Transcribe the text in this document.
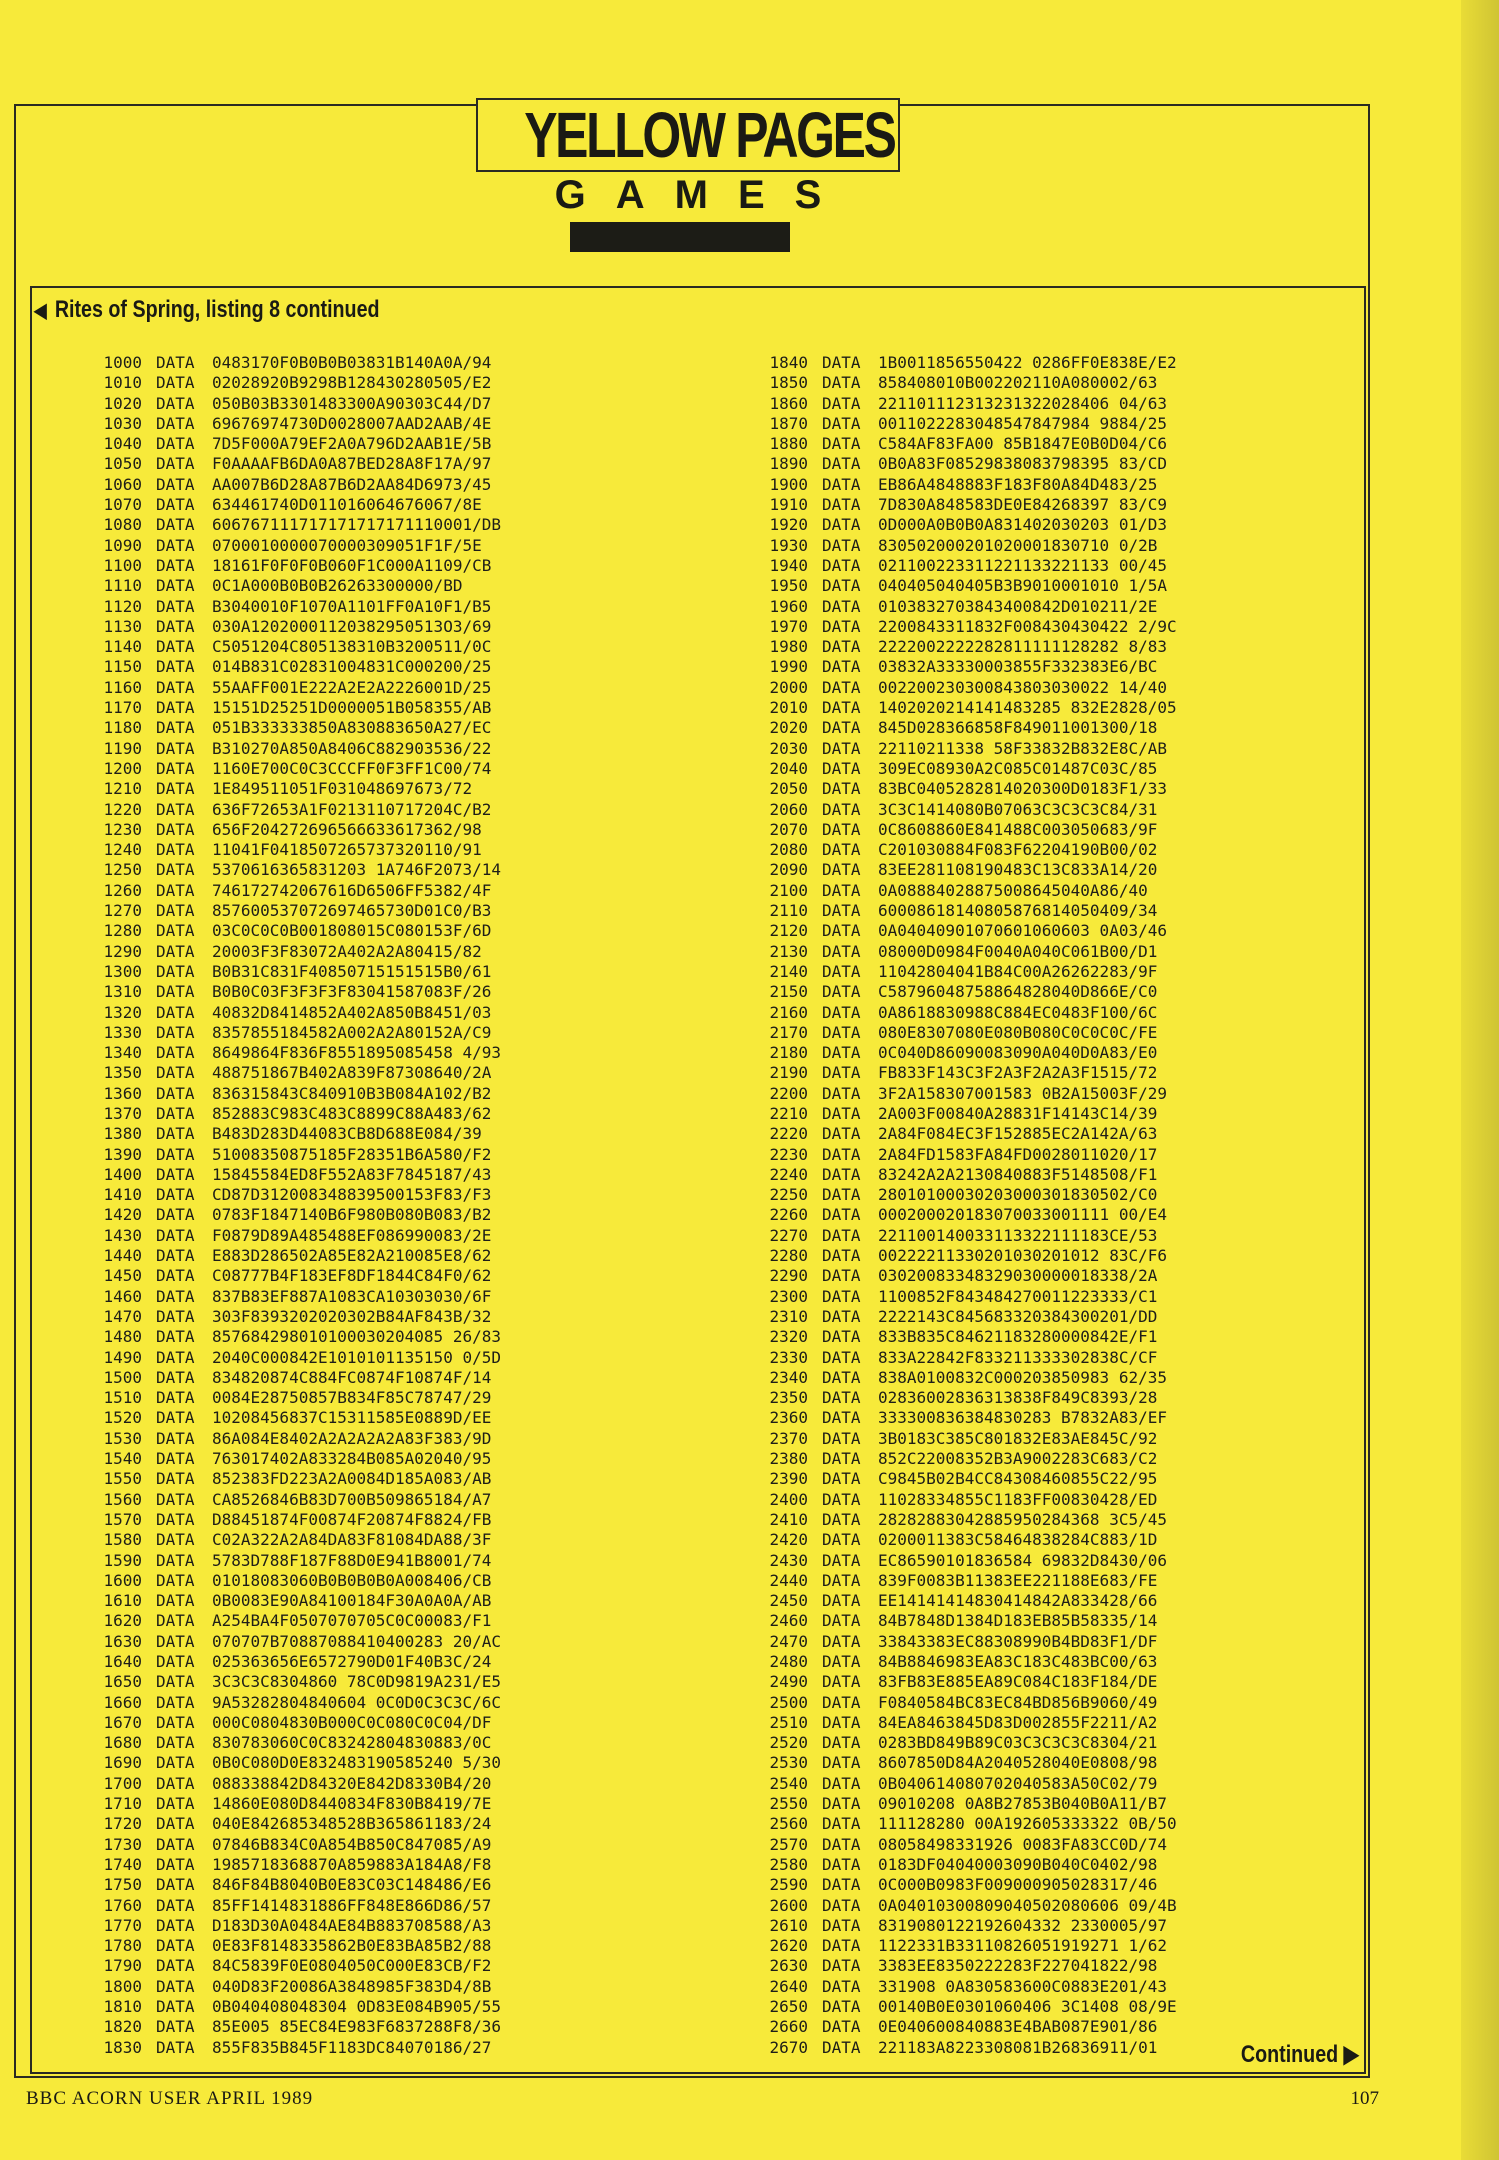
YELLOW PAGES
GAMES
◀ Rites of Spring, listing 8 continued
1000 DATA 0483170F0B0B0B03831B140A0A/94
1010 DATA 02028920B9298B128430280505/E2
1020 DATA 050B03B3301483300A90303C44/D7
1030 DATA 69676974730D0028007AAD2AAB/4E
1040 DATA 7D5F000A79EF2A0A796D2AAB1E/5B
1050 DATA F0AAAAFB6DA0A87BED28A8F17A/97
1060 DATA AA007B6D28A87B6D2AA84D6973/45
1070 DATA 634461740D011016064676067/8E
1080 DATA 606767111717171717171110001/DB
1090 DATA 0700010000070000309051F1F/5E
1100 DATA 18161F0F0F0B060F1C000A1109/CB
1110 DATA 0C1A000B0B0B26263300000/BD
1120 DATA B3040010F1070A1101FF0A10F1/B5
1130 DATA 030A12020001120382950513O3/69
1140 DATA C5051204C805138310B3200511/0C
1150 DATA 014B831C02831004831C000200/25
1160 DATA 55AAFF001E222A2E2A2226001D/25
1170 DATA 15151D25251D0000051B058355/AB
1180 DATA 051B333333850A830883650A27/EC
1190 DATA B310270A850A8406C882903536/22
1200 DATA 1160E700C0C3CCCFF0F3FF1C00/74
1210 DATA 1E849511051F031048697673/72
1220 DATA 636F72653A1F0213110717204C/B2
1230 DATA 656F204272696566633617362/98
1240 DATA 11041F0418507265737320110/91
1250 DATA 5370616365831203 1A746F2073/14
1260 DATA 746172742067616D6506FF5382/4F
1270 DATA 857600537072697465730D01C0/B3
1280 DATA 03C0C0C0B001808015C080153F/6D
1290 DATA 20003F3F83072A402A2A80415/82
1300 DATA B0B31C831F40850715151515B0/61
1310 DATA B0B0C03F3F3F3F83041587083F/26
1320 DATA 40832D8414852A402A850B8451/03
1330 DATA 8357855184582A002A2A80152A/C9
1340 DATA 8649864F836F8551895085458 4/93
1350 DATA 488751867B402A839F87308640/2A
1360 DATA 836315843C840910B3B084A102/B2
1370 DATA 852883C983C483C8899C88A483/62
1380 DATA B483D283D44083CB8D688E084/39
1390 DATA 51008350875185F28351B6A580/F2
1400 DATA 15845584ED8F552A83F7845187/43
1410 DATA CD87D312008348839500153F83/F3
1420 DATA 0783F1847140B6F980B080B083/B2
1430 DATA F0879D89A485488EF086990083/2E
1440 DATA E883D286502A85E82A210085E8/62
1450 DATA C08777B4F183EF8DF1844C84F0/62
1460 DATA 837B83EF887A1083CA10303030/6F
1470 DATA 303F8393202020302B84AF843B/32
1480 DATA 857684298010100030204085 26/83
1490 DATA 2040C000842E1010101135150 0/5D
1500 DATA 834820874C884FC0874F10874F/14
1510 DATA 0084E28750857B834F85C78747/29
1520 DATA 10208456837C15311585E0889D/EE
1530 DATA 86A084E8402A2A2A2A2A83F383/9D
1540 DATA 763017402A833284B085A02040/95
1550 DATA 852383FD223A2A0084D185A083/AB
1560 DATA CA8526846B83D700B509865184/A7
1570 DATA D88451874F00874F20874F8824/FB
1580 DATA C02A322A2A84DA83F81084DA88/3F
1590 DATA 5783D788F187F88D0E941B8001/74
1600 DATA 01018083060B0B0B0B0A008406/CB
1610 DATA 0B0083E90A84100184F30A0A0A/AB
1620 DATA A254BA4F0507070705C0C00083/F1
1630 DATA 070707B70887088410400283 20/AC
1640 DATA 025363656E6572790D01F40B3C/24
1650 DATA 3C3C3C8304860 78C0D9819A231/E5
1660 DATA 9A53282804840604 0C0D0C3C3C/6C
1670 DATA 000C0804830B000C0C080C0C04/DF
1680 DATA 830783060C0C83242804830883/0C
1690 DATA 0B0C080D0E832483190585240 5/30
1700 DATA 088338842D84320E842D8330B4/20
1710 DATA 14860E080D8440834F830B8419/7E
1720 DATA 040E842685348528B365861183/24
1730 DATA 07846B834C0A854B850C847085/A9
1740 DATA 1985718368870A859883A184A8/F8
1750 DATA 846F84B8040B0E83C03C148486/E6
1760 DATA 85FF1414831886FF848E866D86/57
1770 DATA D183D30A0484AE84B883708588/A3
1780 DATA 0E83F8148335862B0E83BA85B2/88
1790 DATA 84C5839F0E0804050C000E83CB/F2
1800 DATA 040D83F20086A3848985F383D4/8B
1810 DATA 0B040408048304 0D83E084B905/55
1820 DATA 85E005 85EC84E983F6837288F8/36
1830 DATA 855F835B845F1183DC84070186/27
1840 DATA 1B0011856550422 0286FF0E838E/E2
1850 DATA 858408010B002202110A080002/63
1860 DATA 221101112313231322028406 04/63
1870 DATA 0011022283048547847984 9884/25
1880 DATA C584AF83FA00 85B1847E0B0D04/C6
1890 DATA 0B0A83F08529838083798395 83/CD
1900 DATA EB86A4848883F183F80A84D483/25
1910 DATA 7D830A848583DE0E84268397 83/C9
1920 DATA 0D000A0B0B0A831402030203 01/D3
1930 DATA 830502000201020001830710 0/2B
1940 DATA 021100223311221133221133 00/45
1950 DATA 040405040405B3B9010001010 1/5A
1960 DATA 0103832703843400842D010211/2E
1970 DATA 2200843311832F008430430422 2/9C
1980 DATA 2222002222282811111128282 8/83
1990 DATA 03832A33330003855F332383E6/BC
2000 DATA 002200230300843803030022 14/40
2010 DATA 1402020214141483285 832E2828/05
2020 DATA 845D028366858F849011001300/18
2030 DATA 22110211338 58F33832B832E8C/AB
2040 DATA 309EC08930A2C085C01487C03C/85
2050 DATA 83BC0405282814020300D0183F1/33
2060 DATA 3C3C1414080B07063C3C3C3C84/31
2070 DATA 0C8608860E841488C003050683/9F
2080 DATA C201030884F083F62204190B00/02
2090 DATA 83EE281108190483C13C833A14/20
2100 DATA 0A08884028875008645040A86/40
2110 DATA 60008618140805876814050409/34
2120 DATA 0A04040901070601060603 0A03/46
2130 DATA 08000D0984F0040A040C061B00/D1
2140 DATA 11042804041B84C00A26262283/9F
2150 DATA C58796048758864828040D866E/C0
2160 DATA 0A8618830988C884EC0483F100/6C
2170 DATA 080E8307080E080B080C0C0C0C/FE
2180 DATA 0C040D86090083090A040D0A83/E0
2190 DATA FB833F143C3F2A3F2A2A3F1515/72
2200 DATA 3F2A158307001583 0B2A15003F/29
2210 DATA 2A003F00840A28831F14143C14/39
2220 DATA 2A84F084EC3F152885EC2A142A/63
2230 DATA 2A84FD1583FA84FD0028011020/17
2240 DATA 83242A2A2130840883F5148508/F1
2250 DATA 28010100030203000301830502/C0
2260 DATA 000200020183070033001111 00/E4
2270 DATA 221100140033113322111183CE/53
2280 DATA 00222211330201030201012 83C/F6
2290 DATA 03020083348329030000018338/2A
2300 DATA 1100852F843484270011223333/C1
2310 DATA 2222143C845683320384300201/DD
2320 DATA 833B835C84621183280000842E/F1
2330 DATA 833A22842F833211333302838C/CF
2340 DATA 838A0100832C000203850983 62/35
2350 DATA 02836002836313838F849C8393/28
2360 DATA 333300836384830283 B7832A83/EF
2370 DATA 3B0183C385C801832E83AE845C/92
2380 DATA 852C22008352B3A9002283C683/C2
2390 DATA C9845B02B4CC84308460855C22/95
2400 DATA 11028334855C1183FF00830428/ED
2410 DATA 28282883042885950284368 3C5/45
2420 DATA 0200011383C58464838284C883/1D
2430 DATA EC86590101836584 69832D8430/06
2440 DATA 839F0083B11383EE221188E683/FE
2450 DATA EE14141414830414842A833428/66
2460 DATA 84B7848D1384D183EB85B58335/14
2470 DATA 33843383EC88308990B4BD83F1/DF
2480 DATA 84B8846983EA83C183C483BC00/63
2490 DATA 83FB83E885EA89C084C183F184/DE
2500 DATA F0840584BC83EC84BD856B9060/49
2510 DATA 84EA8463845D83D002855F2211/A2
2520 DATA 0283BD849B89C03C3C3C3C8304/21
2530 DATA 8607850D84A2040528040E0808/98
2540 DATA 0B040614080702040583A50C02/79
2550 DATA 09010208 0A8B27853B040B0A11/B7
2560 DATA 111128280 00A192605333322 0B/50
2570 DATA 08058498331926 0083FA83CC0D/74
2580 DATA 0183DF04040003090B040C0402/98
2590 DATA 0C000B0983F009000905028317/46
2600 DATA 0A04010300809040502080606 09/4B
2610 DATA 8319080122192604332 2330005/97
2620 DATA 1122331B33110826051919271 1/62
2630 DATA 3383EE8350222283F227041822/98
2640 DATA 331908 0A830583600C0883E201/43
2650 DATA 00140B0E0301060406 3C1408 08/9E
2660 DATA 0E040600840883E4BAB087E901/86
2670 DATA 221183A8223308081B26836911/01	Continued ▶
BBC ACORN USER APRIL 1989	107
